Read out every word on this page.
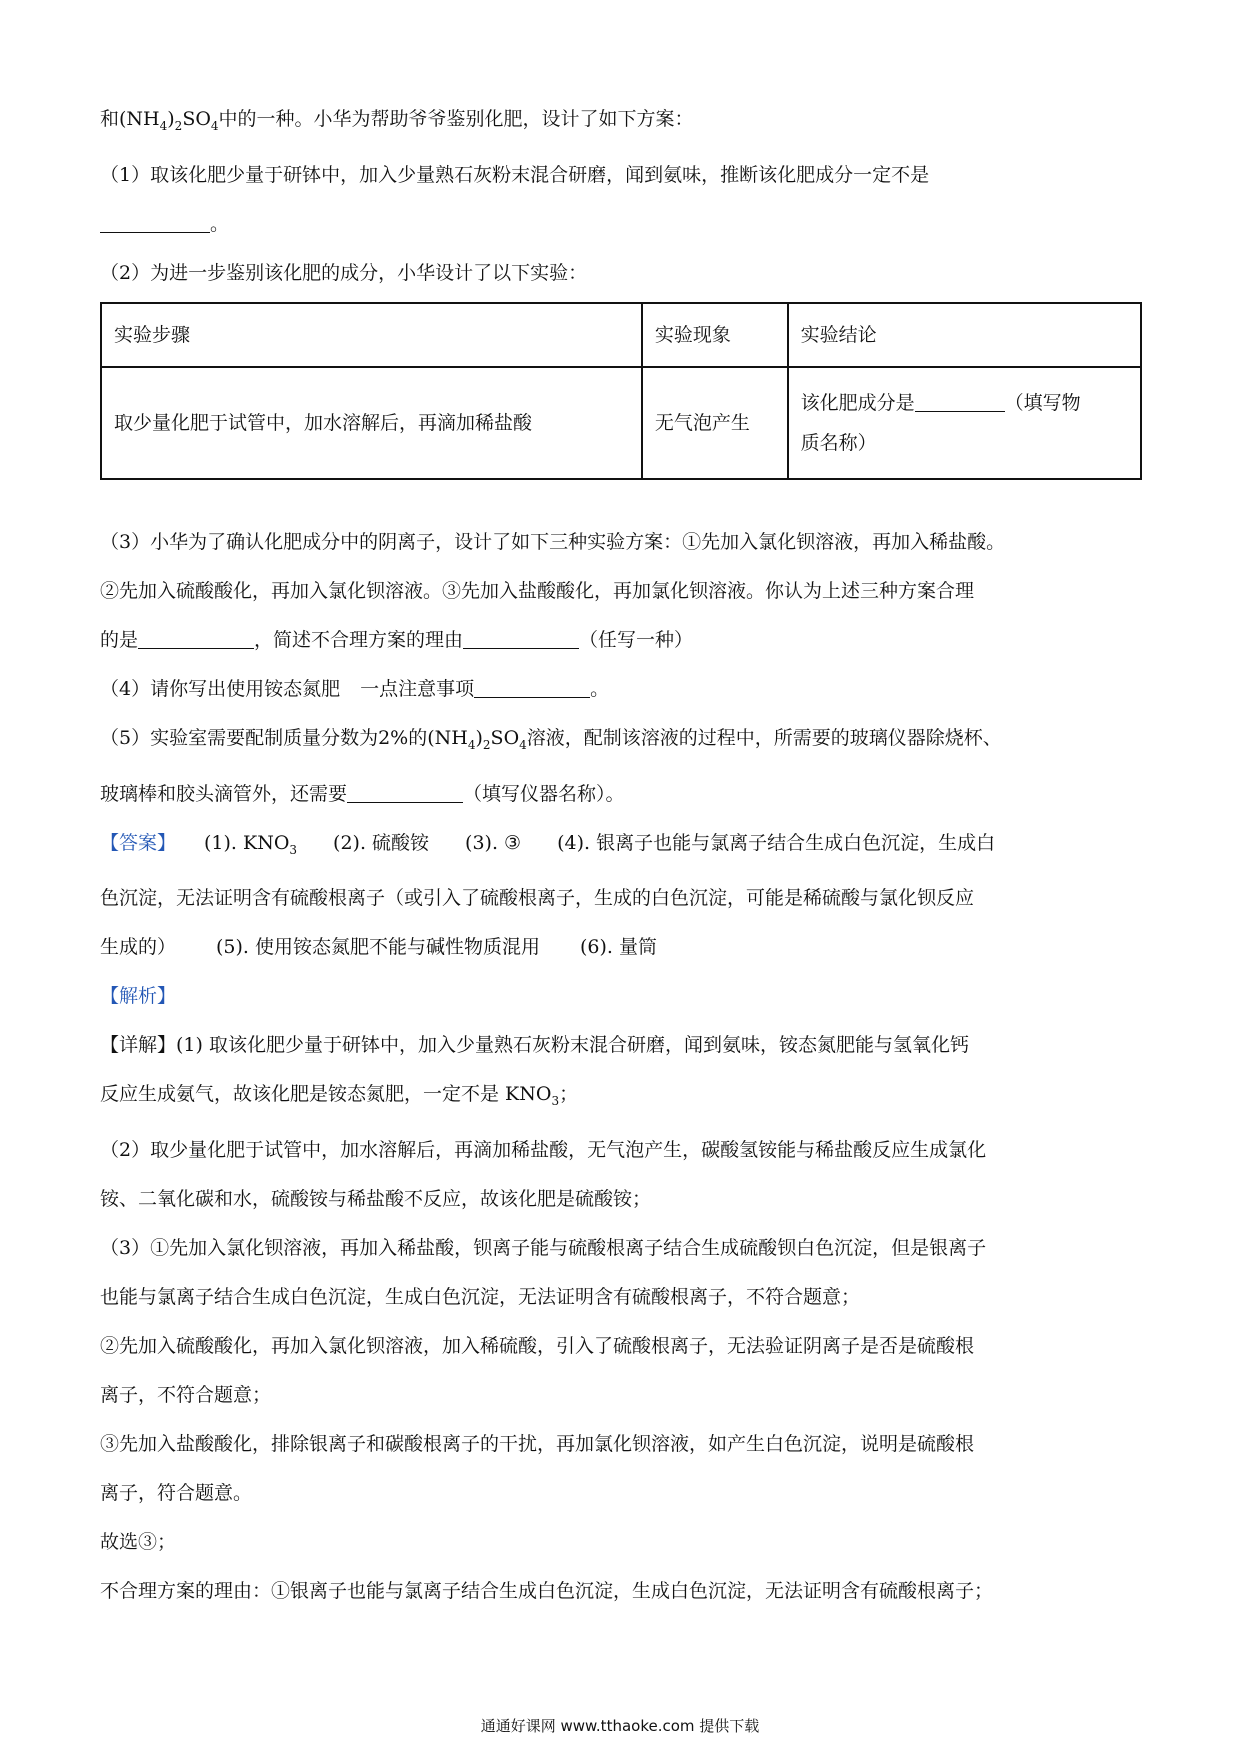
和$(NH_4)_2SO_4$中的一种。小华为帮助爷爷鉴别化肥，设计了如下方案：

（1）取该化肥少量于研钵中，加入少量熟石灰粉末混合研磨，闻到氨味，推断该化肥成分一定不是

。

（2）为进一步鉴别该化肥的成分，小华设计了以下实验：

实验步骤	实验现象	实验结论
取少量化肥于试管中，加水溶解后，再滴加稀盐酸	无气泡产生	该化肥成分是 （填写物
质名称）

（3）小华为了确认化肥成分中的阴离子，设计了如下三种实验方案：①先加入氯化钡溶液，再加入稀盐酸。

②先加入硫酸酸化，再加入氯化钡溶液。③先加入盐酸酸化，再加氯化钡溶液。你认为上述三种方案合理

的是	，简述不合理方案的理由	（任写一种）

（4）请你写出使用铵态氮肥 一点注意事项	。

（5）实验室需要配制质量分数为2%的$(NH_4)_2SO_4$溶液，配制该溶液的过程中，所需要的玻璃仪器除烧杯、

玻璃棒和胶头滴管外，还需要	（填写仪器名称）。

【答案】 (1). $KNO_3$ (2). 硫酸铵 (3). ③ (4). 银离子也能与氯离子结合生成白色沉淀，生成白

色沉淀，无法证明含有硫酸根离子（或引入了硫酸根离子，生成的白色沉淀，可能是稀硫酸与氯化钡反应

生成的） (5). 使用铵态氮肥不能与碱性物质混用 (6). 量筒

【解析】

【详解】(1) 取该化肥少量于研钵中，加入少量熟石灰粉末混合研磨，闻到氨味，铵态氮肥能与氢氧化钙

反应生成氨气，故该化肥是铵态氮肥，一定不是 $KNO_3$；

（2）取少量化肥于试管中，加水溶解后，再滴加稀盐酸，无气泡产生，碳酸氢铵能与稀盐酸反应生成氯化

铵、二氧化碳和水，硫酸铵与稀盐酸不反应，故该化肥是硫酸铵；

（3）①先加入氯化钡溶液，再加入稀盐酸，钡离子能与硫酸根离子结合生成硫酸钡白色沉淀，但是银离子

也能与氯离子结合生成白色沉淀，生成白色沉淀，无法证明含有硫酸根离子，不符合题意；

②先加入硫酸酸化，再加入氯化钡溶液，加入稀硫酸，引入了硫酸根离子，无法验证阴离子是否是硫酸根

离子，不符合题意；

③先加入盐酸酸化，排除银离子和碳酸根离子的干扰，再加氯化钡溶液，如产生白色沉淀，说明是硫酸根

离子，符合题意。

故选③；

不合理方案的理由：①银离子也能与氯离子结合生成白色沉淀，生成白色沉淀，无法证明含有硫酸根离子；

通通好课网 www.tthaoke.com 提供下载
